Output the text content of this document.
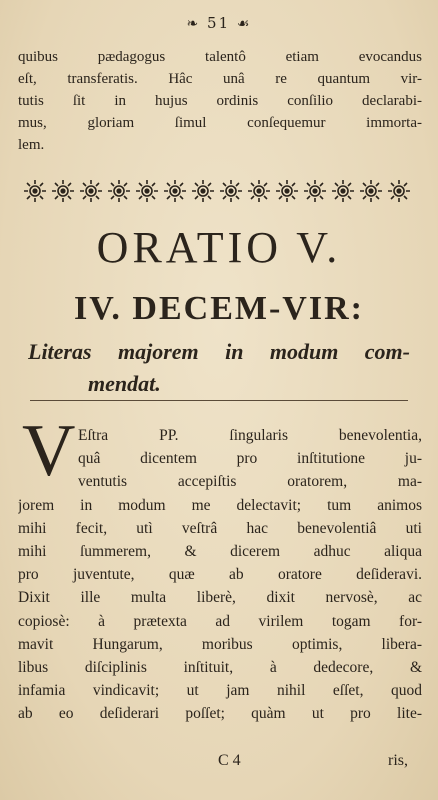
❧ 51 ☙
quibus pædagogus talentô etiam evocandus
eſt, transferatis. Hâc unâ re quantum vir-
tutis ſit in hujus ordinis conſilio declarabi-
mus, gloriam ſimul conſequemur immorta-
lem.
ORATIO V.
IV. DECEM-VIR:
Literas majorem in modum com-
mendat.
V Eſtra PP. ſingularis benevolentia,
quâ dicentem pro inſtitutione ju-
ventutis accepiſtis oratorem, ma-
jorem in modum me delectavit; tum animos
mihi fecit, utì veſtrâ hac benevolentiâ uti
mihi ſummerem, & dicerem adhuc aliqua
pro juventute, quæ ab oratore deſideravi.
Dixit ille multa liberè, dixit nervosè, ac
copiosè: à prætexta ad virilem togam for-
mavit Hungarum, moribus optimis, libera-
libus diſciplinis inſtituit, à dedecore, &
infamia vindicavit; ut jam nihil eſſet, quod
ab eo deſiderari poſſet; quàm ut pro lite-
C 4	ris,
